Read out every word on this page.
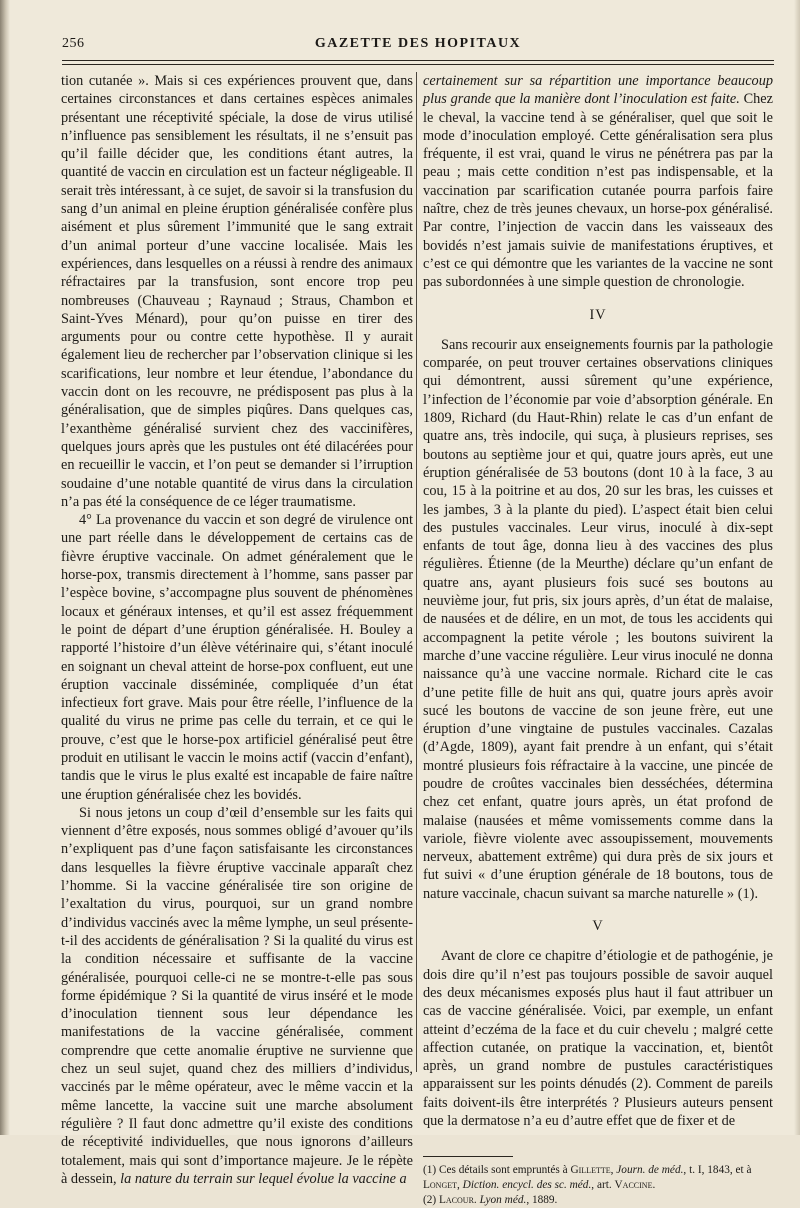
256	GAZETTE DES HOPITAUX

tion cutanée ». Mais si ces expériences prouvent que, dans certaines circonstances et dans certaines espèces animales présentant une réceptivité spéciale, la dose de virus utilisé n’influence pas sensiblement les résultats, il ne s’ensuit pas qu’il faille décider que, les conditions étant autres, la quantité de vaccin en circulation est un facteur négligeable. Il serait très intéressant, à ce sujet, de savoir si la transfusion du sang d’un animal en pleine éruption généralisée confère plus aisément et plus sûrement l’immunité que le sang extrait d’un animal porteur d’une vaccine localisée. Mais les expériences, dans lesquelles on a réussi à rendre des animaux réfractaires par la transfusion, sont encore trop peu nombreuses (Chauveau ; Raynaud ; Straus, Chambon et Saint-Yves Ménard), pour qu’on puisse en tirer des arguments pour ou contre cette hypothèse. Il y aurait également lieu de rechercher par l’observation clinique si les scarifications, leur nombre et leur étendue, l’abondance du vaccin dont on les recouvre, ne prédisposent pas plus à la généralisation, que de simples piqûres. Dans quelques cas, l’exanthème généralisé survient chez des vaccinifères, quelques jours après que les pustules ont été dilacérées pour en recueillir le vaccin, et l’on peut se demander si l’irruption soudaine d’une notable quantité de virus dans la circulation n’a pas été la conséquence de ce léger traumatisme.

4° La provenance du vaccin et son degré de virulence ont une part réelle dans le développement de certains cas de fièvre éruptive vaccinale. On admet généralement que le horse-pox, transmis directement à l’homme, sans passer par l’espèce bovine, s’accompagne plus souvent de phénomènes locaux et généraux intenses, et qu’il est assez fréquemment le point de départ d’une éruption généralisée. H. Bouley a rapporté l’histoire d’un élève vétérinaire qui, s’étant inoculé en soignant un cheval atteint de horse-pox confluent, eut une éruption vaccinale disséminée, compliquée d’un état infectieux fort grave. Mais pour être réelle, l’influence de la qualité du virus ne prime pas celle du terrain, et ce qui le prouve, c’est que le horse-pox artificiel généralisé peut être produit en utilisant le vaccin le moins actif (vaccin d’enfant), tandis que le virus le plus exalté est incapable de faire naître une éruption généralisée chez les bovidés.

Si nous jetons un coup d’œil d’ensemble sur les faits qui viennent d’être exposés, nous sommes obligé d’avouer qu’ils n’expliquent pas d’une façon satisfaisante les circonstances dans lesquelles la fièvre éruptive vaccinale apparaît chez l’homme. Si la vaccine généralisée tire son origine de l’exaltation du virus, pourquoi, sur un grand nombre d’individus vaccinés avec la même lymphe, un seul présente-t-il des accidents de généralisation ? Si la qualité du virus est la condition nécessaire et suffisante de la vaccine généralisée, pourquoi celle-ci ne se montre-t-elle pas sous forme épidémique ? Si la quantité de virus inséré et le mode d’inoculation tiennent sous leur dépendance les manifestations de la vaccine généralisée, comment comprendre que cette anomalie éruptive ne survienne que chez un seul sujet, quand chez des milliers d’individus, vaccinés par le même opérateur, avec le même vaccin et la même lancette, la vaccine suit une marche absolument régulière ? Il faut donc admettre qu’il existe des conditions de réceptivité individuelles, que nous ignorons d’ailleurs totalement, mais qui sont d’importance majeure. Je le répète à dessein, la nature du terrain sur lequel évolue la vaccine a

certainement sur sa répartition une importance beaucoup plus grande que la manière dont l’inoculation est faite. Chez le cheval, la vaccine tend à se généraliser, quel que soit le mode d’inoculation employé. Cette généralisation sera plus fréquente, il est vrai, quand le virus ne pénétrera pas par la peau ; mais cette condition n’est pas indispensable, et la vaccination par scarification cutanée pourra parfois faire naître, chez de très jeunes chevaux, un horse-pox généralisé. Par contre, l’injection de vaccin dans les vaisseaux des bovidés n’est jamais suivie de manifestations éruptives, et c’est ce qui démontre que les variantes de la vaccine ne sont pas subordonnées à une simple question de chronologie.

IV

Sans recourir aux enseignements fournis par la pathologie comparée, on peut trouver certaines observations cliniques qui démontrent, aussi sûrement qu’une expérience, l’infection de l’économie par voie d’absorption générale. En 1809, Richard (du Haut-Rhin) relate le cas d’un enfant de quatre ans, très indocile, qui suça, à plusieurs reprises, ses boutons au septième jour et qui, quatre jours après, eut une éruption généralisée de 53 boutons (dont 10 à la face, 3 au cou, 15 à la poitrine et au dos, 20 sur les bras, les cuisses et les jambes, 3 à la plante du pied). L’aspect était bien celui des pustules vaccinales. Leur virus, inoculé à dix-sept enfants de tout âge, donna lieu à des vaccines des plus régulières. Étienne (de la Meurthe) déclare qu’un enfant de quatre ans, ayant plusieurs fois sucé ses boutons au neuvième jour, fut pris, six jours après, d’un état de malaise, de nausées et de délire, en un mot, de tous les accidents qui accompagnent la petite vérole ; les boutons suivirent la marche d’une vaccine régulière. Leur virus inoculé ne donna naissance qu’à une vaccine normale. Richard cite le cas d’une petite fille de huit ans qui, quatre jours après avoir sucé les boutons de vaccine de son jeune frère, eut une éruption d’une vingtaine de pustules vaccinales. Cazalas (d’Agde, 1809), ayant fait prendre à un enfant, qui s’était montré plusieurs fois réfractaire à la vaccine, une pincée de poudre de croûtes vaccinales bien desséchées, détermina chez cet enfant, quatre jours après, un état profond de malaise (nausées et même vomissements comme dans la variole, fièvre violente avec assoupissement, mouvements nerveux, abattement extrême) qui dura près de six jours et fut suivi « d’une éruption générale de 18 boutons, tous de nature vaccinale, chacun suivant sa marche naturelle » (1).

V

Avant de clore ce chapitre d’étiologie et de pathogénie, je dois dire qu’il n’est pas toujours possible de savoir auquel des deux mécanismes exposés plus haut il faut attribuer un cas de vaccine généralisée. Voici, par exemple, un enfant atteint d’eczéma de la face et du cuir chevelu ; malgré cette affection cutanée, on pratique la vaccination, et, bientôt après, un grand nombre de pustules caractéristiques apparaissent sur les points dénudés (2). Comment de pareils faits doivent-ils être interprétés ? Plusieurs auteurs pensent que la dermatose n’a eu d’autre effet que de fixer et de

(1) Ces détails sont empruntés à Gillette, Journ. de méd., t. I, 1843, et à Longet, Diction. encycl. des sc. méd., art. Vaccine.

(2) Lacour. Lyon méd., 1889.
